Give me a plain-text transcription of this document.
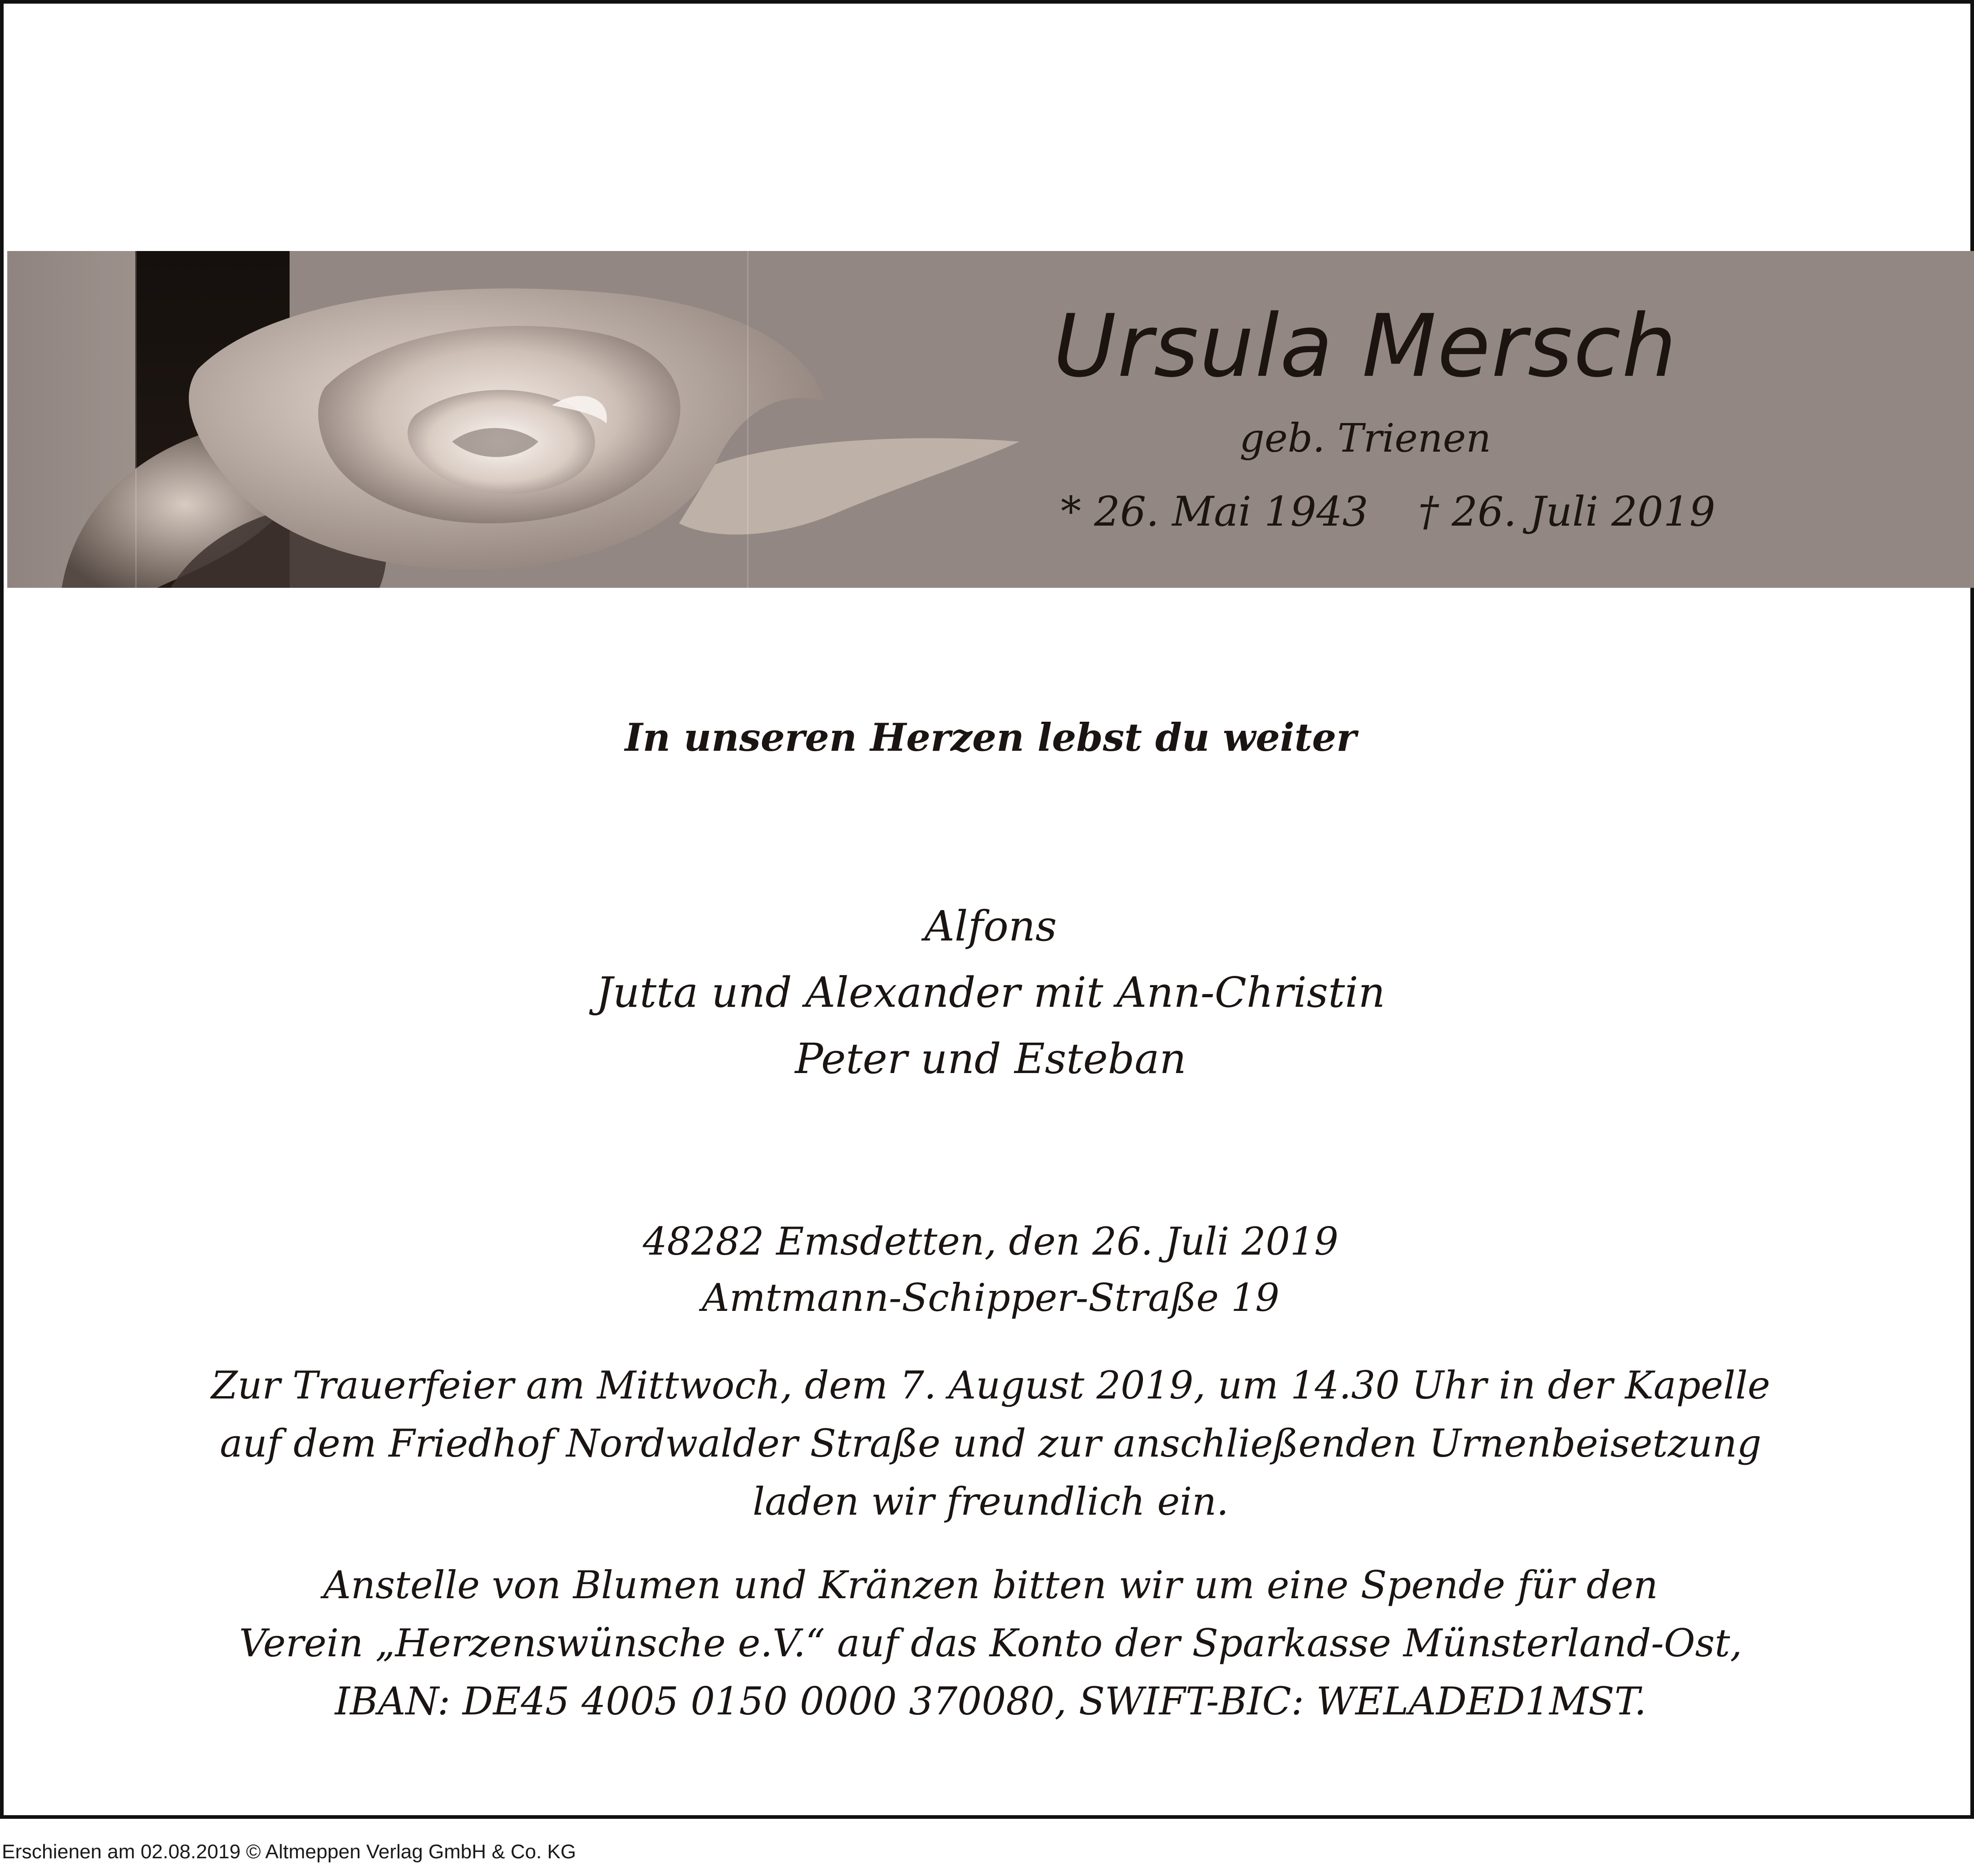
Ursula Mersch
geb. Trienen
* 26. Mai 1943 † 26. Juli 2019
In unseren Herzen lebst du weiter
Alfons
Jutta und Alexander mit Ann-Christin
Peter und Esteban
48282 Emsdetten, den 26. Juli 2019
Amtmann-Schipper-Straße 19
Zur Trauerfeier am Mittwoch, dem 7. August 2019, um 14.30 Uhr in der Kapelle
auf dem Friedhof Nordwalder Straße und zur anschließenden Urnenbeisetzung
laden wir freundlich ein.
Anstelle von Blumen und Kränzen bitten wir um eine Spende für den
Verein „Herzenswünsche e.V.“ auf das Konto der Sparkasse Münsterland-Ost,
IBAN: DE45 4005 0150 0000 370080, SWIFT-BIC: WELADED1MST.
Erschienen am 02.08.2019 © Altmeppen Verlag GmbH & Co. KG
